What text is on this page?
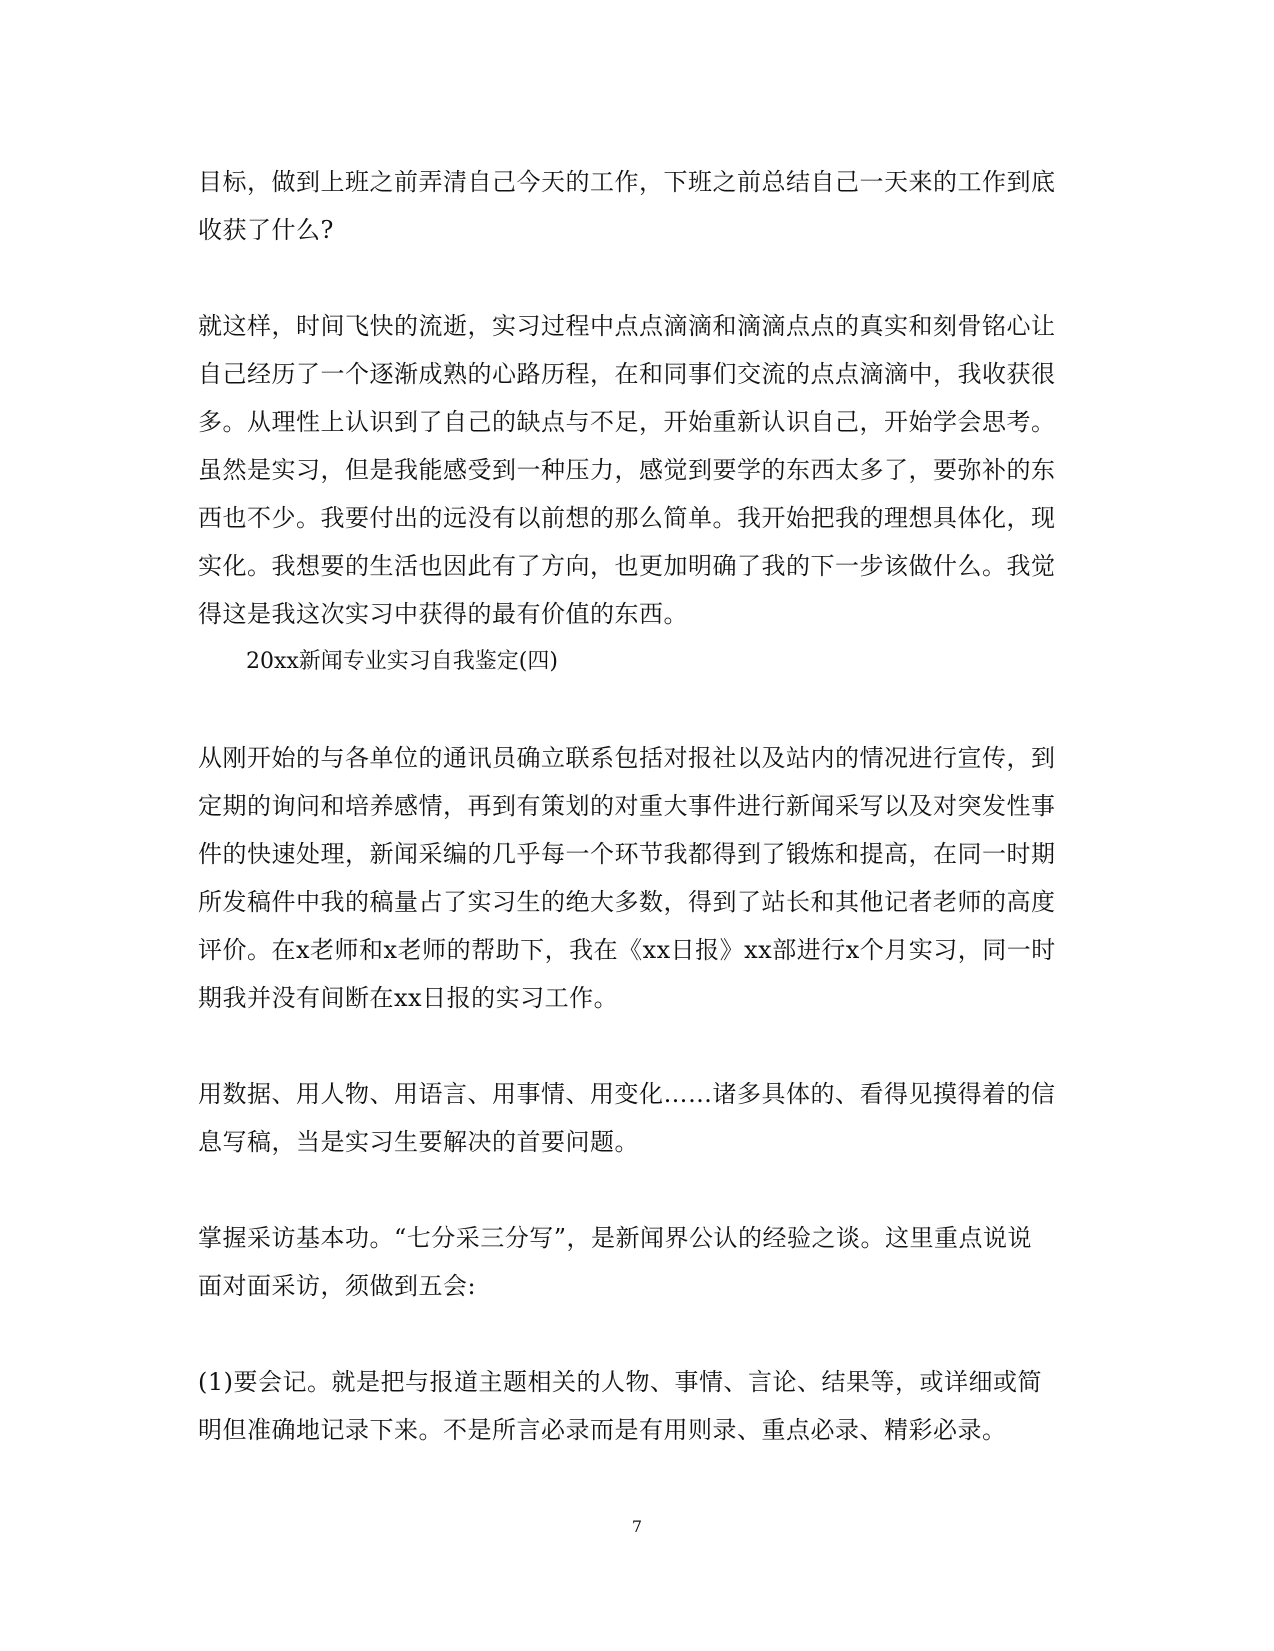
目标，做到上班之前弄清自己今天的工作，下班之前总结自己一天来的工作到底

收获了什么?

就这样，时间飞快的流逝，实习过程中点点滴滴和滴滴点点的真实和刻骨铭心让

自己经历了一个逐渐成熟的心路历程，在和同事们交流的点点滴滴中，我收获很

多。从理性上认识到了自己的缺点与不足，开始重新认识自己，开始学会思考。

虽然是实习，但是我能感受到一种压力，感觉到要学的东西太多了，要弥补的东

西也不少。我要付出的远没有以前想的那么简单。我开始把我的理想具体化，现

实化。我想要的生活也因此有了方向，也更加明确了我的下一步该做什么。我觉

得这是我这次实习中获得的最有价值的东西。

20xx新闻专业实习自我鉴定(四)

从刚开始的与各单位的通讯员确立联系包括对报社以及站内的情况进行宣传，到

定期的询问和培养感情，再到有策划的对重大事件进行新闻采写以及对突发性事

件的快速处理，新闻采编的几乎每一个环节我都得到了锻炼和提高，在同一时期

所发稿件中我的稿量占了实习生的绝大多数，得到了站长和其他记者老师的高度

评价。在x老师和x老师的帮助下，我在《xx日报》xx部进行x个月实习，同一时

期我并没有间断在xx日报的实习工作。

用数据、用人物、用语言、用事情、用变化……诸多具体的、看得见摸得着的信

息写稿，当是实习生要解决的首要问题。

掌握采访基本功。“七分采三分写”，是新闻界公认的经验之谈。这里重点说说

面对面采访，须做到五会:

(1)要会记。就是把与报道主题相关的人物、事情、言论、结果等，或详细或简

明但准确地记录下来。不是所言必录而是有用则录、重点必录、精彩必录。

7
